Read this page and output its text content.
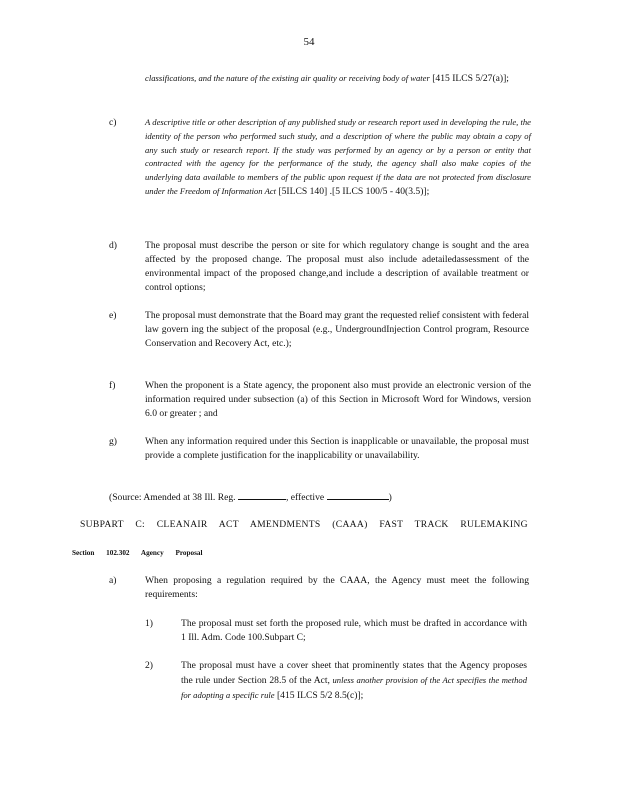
54
classifications, and the nature of the existing air quality or receiving body of water [415 ILCS 5/27(a)];
c)	A descriptive title or other description of any published study or research report used in developing the rule, the identity of the person who performed such study, and a description of where the public may obtain a copy of any such study or research report. If the study was performed by an agency or by a person or entity that contracted with the agency for the performance of the study, the agency shall also make copies of the underlying data available to members of the public upon request if the data are not protected from disclosure under the Freedom of Information Act [5ILCS 140] .[5 ILCS 100/5 - 40(3.5)];
d)	The proposal must describe the person or site for which regulatory change is sought and the area affected by the proposed change. The proposal must also include adetailedassessment of the environmental impact of the proposed change,and include a description of available treatment or control options;
e)	The proposal must demonstrate that the Board may grant the requested relief consistent with federal law govern ing the subject of the proposal (e.g., UndergroundInjection Control program, Resource Conservation and Recovery Act, etc.);
f)	When the proponent is a State agency, the proponent also must provide an electronic version of the information required under subsection (a) of this Section in Microsoft Word for Windows, version 6.0 or greater ; and
g)	When any information required under this Section is inapplicable or unavailable, the proposal must provide a complete justification for the inapplicability or unavailability.
(Source: Amended at 38 Ill. Reg.	, effective	)
SUBPART C: CLEANAIR ACT AMENDMENTS (CAAA) FAST TRACK RULEMAKING
Section 102.302 Agency Proposal
a)	When proposing a regulation required by the CAAA, the Agency must meet the following requirements:
1)	The proposal must set forth the proposed rule, which must be drafted in accordance with 1 Ill. Adm. Code 100.Subpart C;
2)	The proposal must have a cover sheet that prominently states that the Agency proposes the rule under Section 28.5 of the Act, unless another provision of the Act specifies the method for adopting a specific rule [415 ILCS 5/2 8.5(c)];
